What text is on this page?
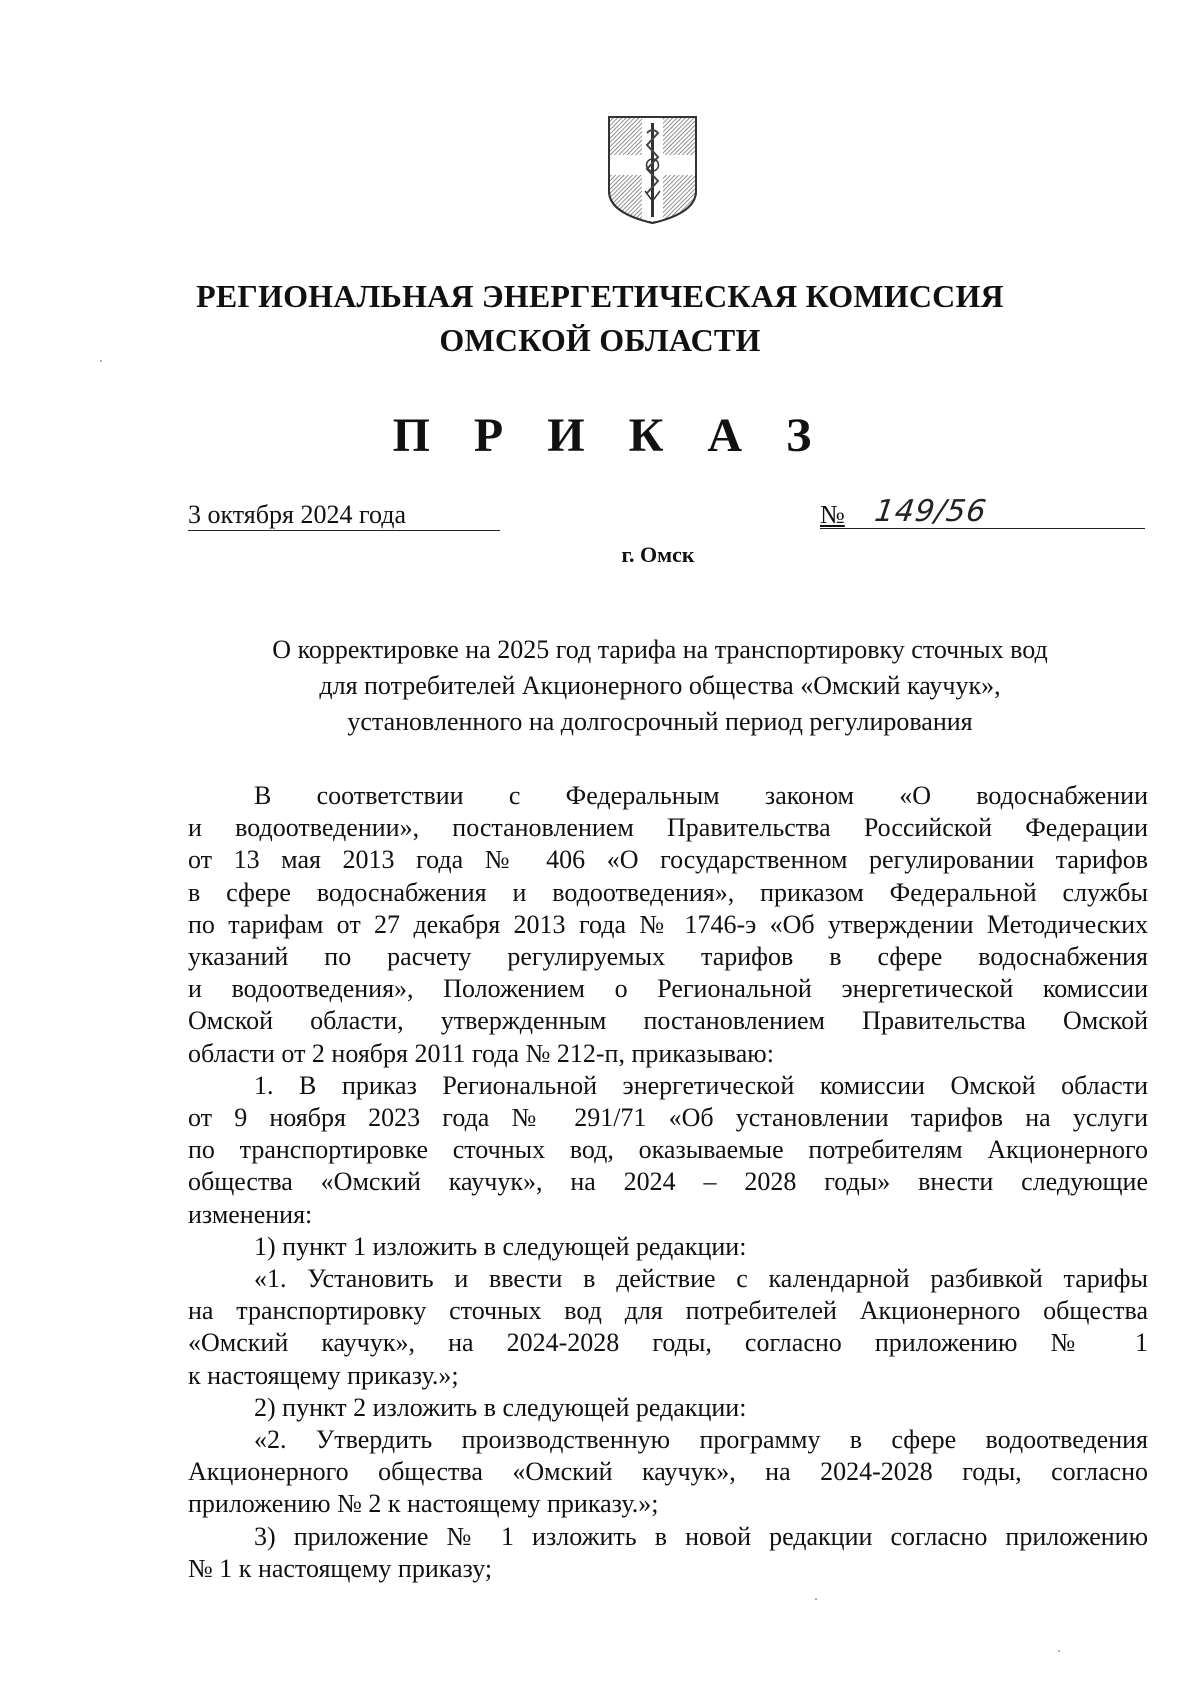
РЕГИОНАЛЬНАЯ ЭНЕРГЕТИЧЕСКАЯ КОМИССИЯ
ОМСКОЙ ОБЛАСТИ
П Р И К А З
3 октября 2024 года	№ 149/56
г. Омск
О корректировке на 2025 год тарифа на транспортировку сточных вод
для потребителей Акционерного общества «Омский каучук»,
установленного на долгосрочный период регулирования
В соответствии с Федеральным законом «О водоснабжении
и водоотведении», постановлением Правительства Российской Федерации
от 13 мая 2013 года № 406 «О государственном регулировании тарифов
в сфере водоснабжения и водоотведения», приказом Федеральной службы
по тарифам от 27 декабря 2013 года № 1746-э «Об утверждении Методических
указаний по расчету регулируемых тарифов в сфере водоснабжения
и водоотведения», Положением о Региональной энергетической комиссии
Омской области, утвержденным постановлением Правительства Омской
области от 2 ноября 2011 года № 212-п, приказываю:
1. В приказ Региональной энергетической комиссии Омской области
от 9 ноября 2023 года № 291/71 «Об установлении тарифов на услуги
по транспортировке сточных вод, оказываемые потребителям Акционерного
общества «Омский каучук», на 2024 – 2028 годы» внести следующие
изменения:
1) пункт 1 изложить в следующей редакции:
«1. Установить и ввести в действие с календарной разбивкой тарифы
на транспортировку сточных вод для потребителей Акционерного общества
«Омский каучук», на 2024-2028 годы, согласно приложению № 1
к настоящему приказу.»;
2) пункт 2 изложить в следующей редакции:
«2. Утвердить производственную программу в сфере водоотведения
Акционерного общества «Омский каучук», на 2024-2028 годы, согласно
приложению № 2 к настоящему приказу.»;
3) приложение № 1 изложить в новой редакции согласно приложению
№ 1 к настоящему приказу;
